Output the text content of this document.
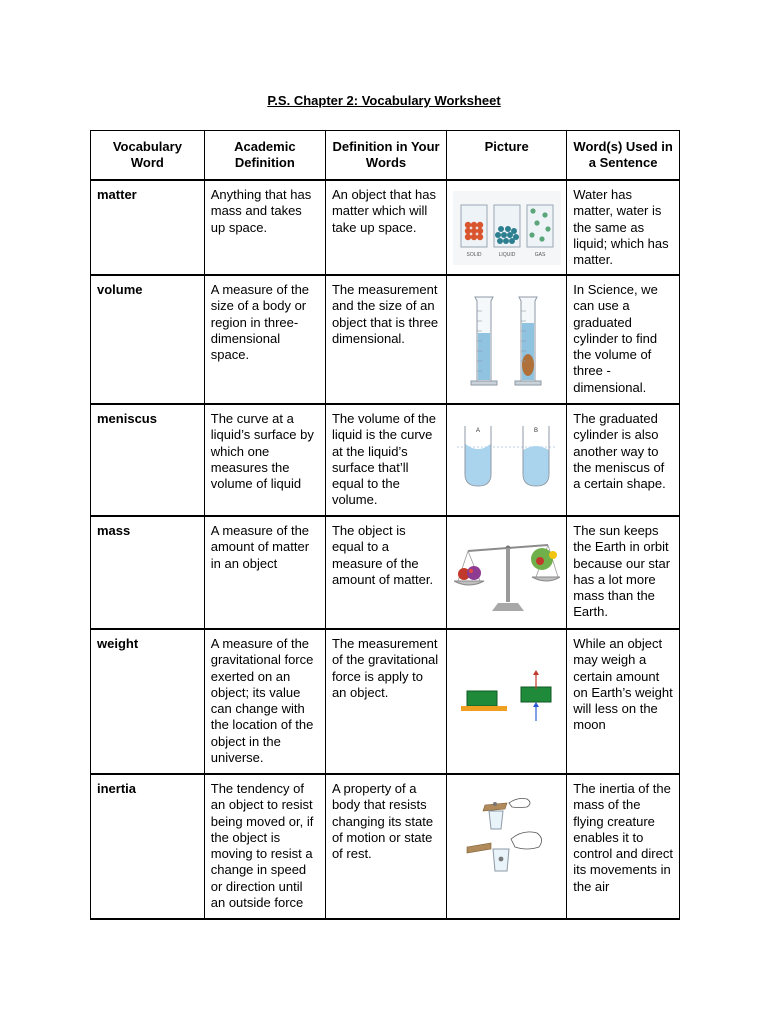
P.S. Chapter 2: Vocabulary Worksheet
Vocabulary Word	Academic Definition	Definition in Your Words	Picture	Word(s) Used in a Sentence
matter	Anything that has mass and takes up space.	An object that has matter which will take up space.	SOLID LIQUID GAS	Water has matter, water is the same as liquid; which has matter.
volume	A measure of the size of a body or region in three-dimensional space.	The measurement and the size of an object that is three dimensional.		In Science, we can use a graduated cylinder to find the volume of three - dimensional.
meniscus	The curve at a liquid’s surface by which one measures the volume of liquid	The volume of the liquid is the curve at the liquid’s surface that’ll equal to the volume.	A B	The graduated cylinder is also another way to the meniscus of a certain shape.
mass	A measure of the amount of matter in an object	The object is equal to a measure of the amount of matter.		The sun keeps the Earth in orbit because our star has a lot more mass than the Earth.
weight	A measure of the gravitational force exerted on an object; its value can change with the location of the object in the universe.	The measurement of the gravitational force is apply to an object.		While an object may weigh a certain amount on Earth’s weight will less on the moon
inertia	The tendency of an object to resist being moved or, if the object is moving to resist a change in speed or direction until an outside force	A property of a body that resists changing its state of motion or state of rest.		The inertia of the mass of the flying creature enables it to control and direct its movements in the air
